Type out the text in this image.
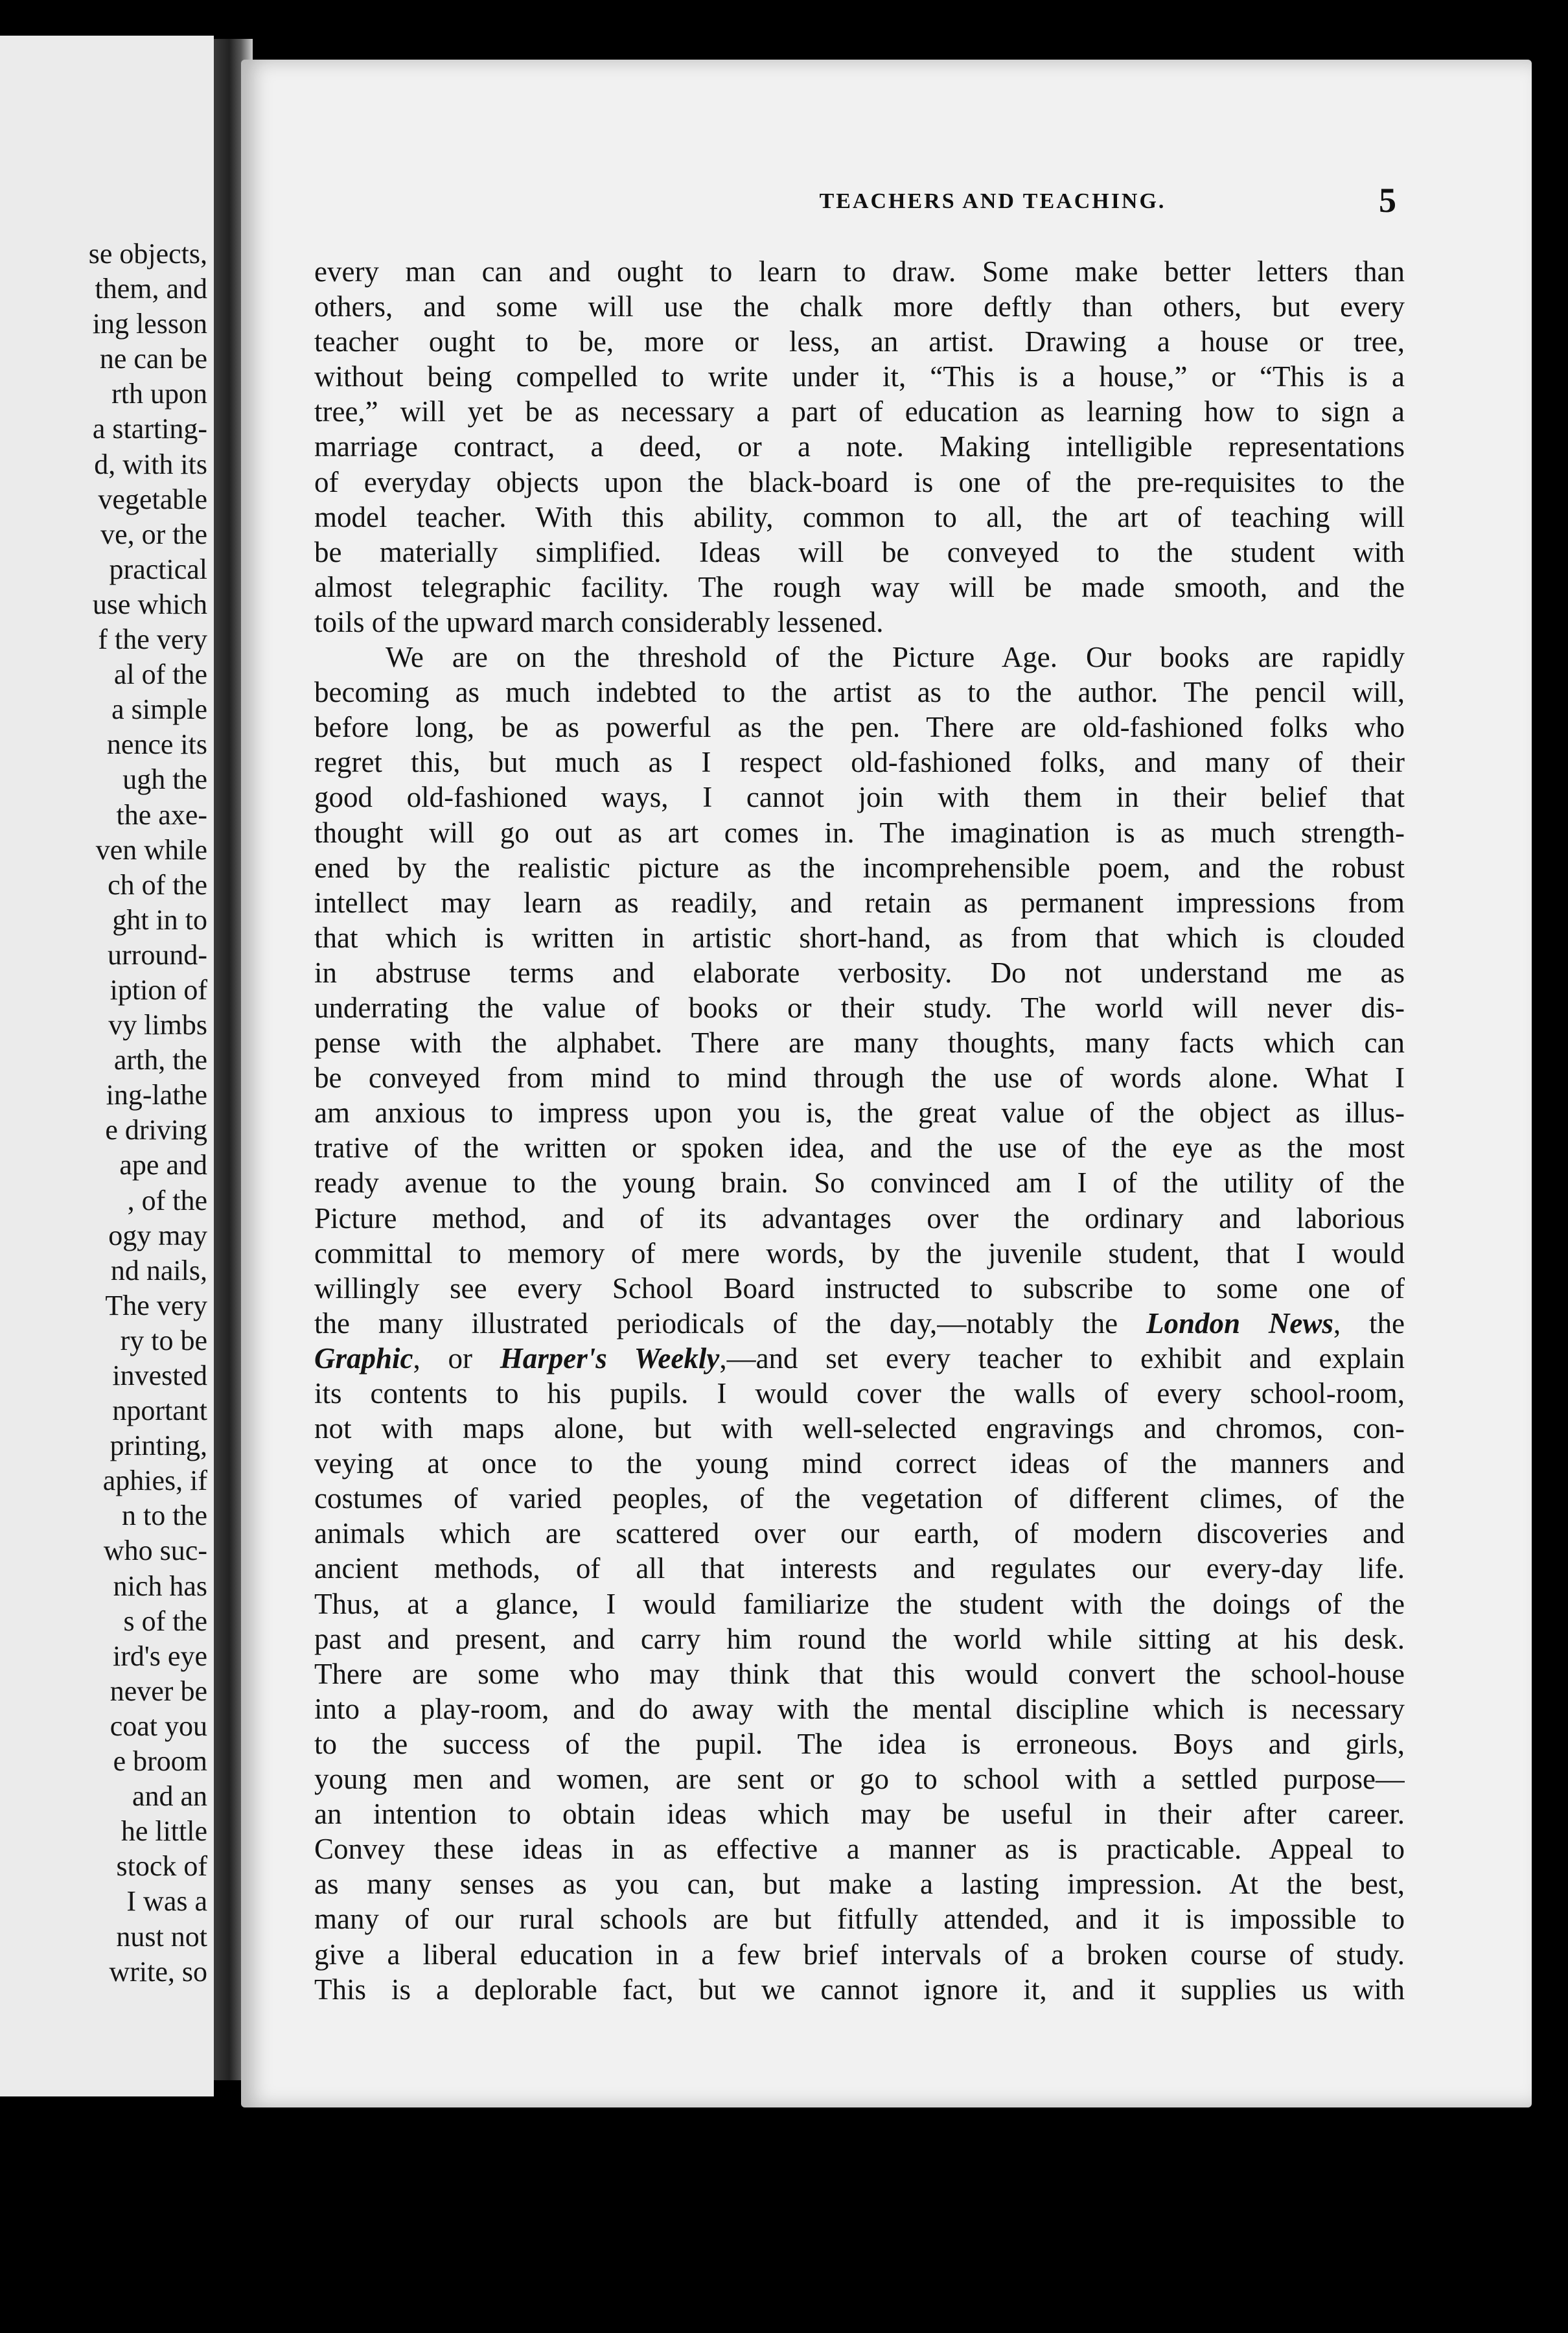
se objects,
them, and
ing lesson
ne can be
rth upon
a starting-
d, with its
vegetable
ve, or the
practical
use which
f the very
al of the
a simple
nence its
ugh the
the axe-
ven while
ch of the
ght in to
urround-
iption of
vy limbs
arth, the
ing-lathe
e driving
ape and
, of the
ogy may
nd nails,
The very
ry to be
invested
nportant
printing,
aphies, if
n to the
who suc-
nich has
s of the
ird's eye
never be
coat you
e broom
and an
he little
stock of
I was a
nust not
write, so
TEACHERS AND TEACHING.	5
every man can and ought to learn to draw. Some make better letters than
others, and some will use the chalk more deftly than others, but every
teacher ought to be, more or less, an artist. Drawing a house or tree,
without being compelled to write under it, “This is a house,” or “This is a
tree,” will yet be as necessary a part of education as learning how to sign a
marriage contract, a deed, or a note. Making intelligible representations
of everyday objects upon the black-board is one of the pre-requisites to the
model teacher. With this ability, common to all, the art of teaching will
be materially simplified. Ideas will be conveyed to the student with
almost telegraphic facility. The rough way will be made smooth, and the
toils of the upward march considerably lessened.
We are on the threshold of the Picture Age. Our books are rapidly
becoming as much indebted to the artist as to the author. The pencil will,
before long, be as powerful as the pen. There are old-fashioned folks who
regret this, but much as I respect old-fashioned folks, and many of their
good old-fashioned ways, I cannot join with them in their belief that
thought will go out as art comes in. The imagination is as much strength-
ened by the realistic picture as the incomprehensible poem, and the robust
intellect may learn as readily, and retain as permanent impressions from
that which is written in artistic short-hand, as from that which is clouded
in abstruse terms and elaborate verbosity. Do not understand me as
underrating the value of books or their study. The world will never dis-
pense with the alphabet. There are many thoughts, many facts which can
be conveyed from mind to mind through the use of words alone. What I
am anxious to impress upon you is, the great value of the object as illus-
trative of the written or spoken idea, and the use of the eye as the most
ready avenue to the young brain. So convinced am I of the utility of the
Picture method, and of its advantages over the ordinary and laborious
committal to memory of mere words, by the juvenile student, that I would
willingly see every School Board instructed to subscribe to some one of
the many illustrated periodicals of the day,—notably the London News, the
Graphic, or Harper's Weekly,—and set every teacher to exhibit and explain
its contents to his pupils. I would cover the walls of every school-room,
not with maps alone, but with well-selected engravings and chromos, con-
veying at once to the young mind correct ideas of the manners and
costumes of varied peoples, of the vegetation of different climes, of the
animals which are scattered over our earth, of modern discoveries and
ancient methods, of all that interests and regulates our every-day life.
Thus, at a glance, I would familiarize the student with the doings of the
past and present, and carry him round the world while sitting at his desk.
There are some who may think that this would convert the school-house
into a play-room, and do away with the mental discipline which is necessary
to the success of the pupil. The idea is erroneous. Boys and girls,
young men and women, are sent or go to school with a settled purpose—
an intention to obtain ideas which may be useful in their after career.
Convey these ideas in as effective a manner as is practicable. Appeal to
as many senses as you can, but make a lasting impression. At the best,
many of our rural schools are but fitfully attended, and it is impossible to
give a liberal education in a few brief intervals of a broken course of study.
This is a deplorable fact, but we cannot ignore it, and it supplies us with
